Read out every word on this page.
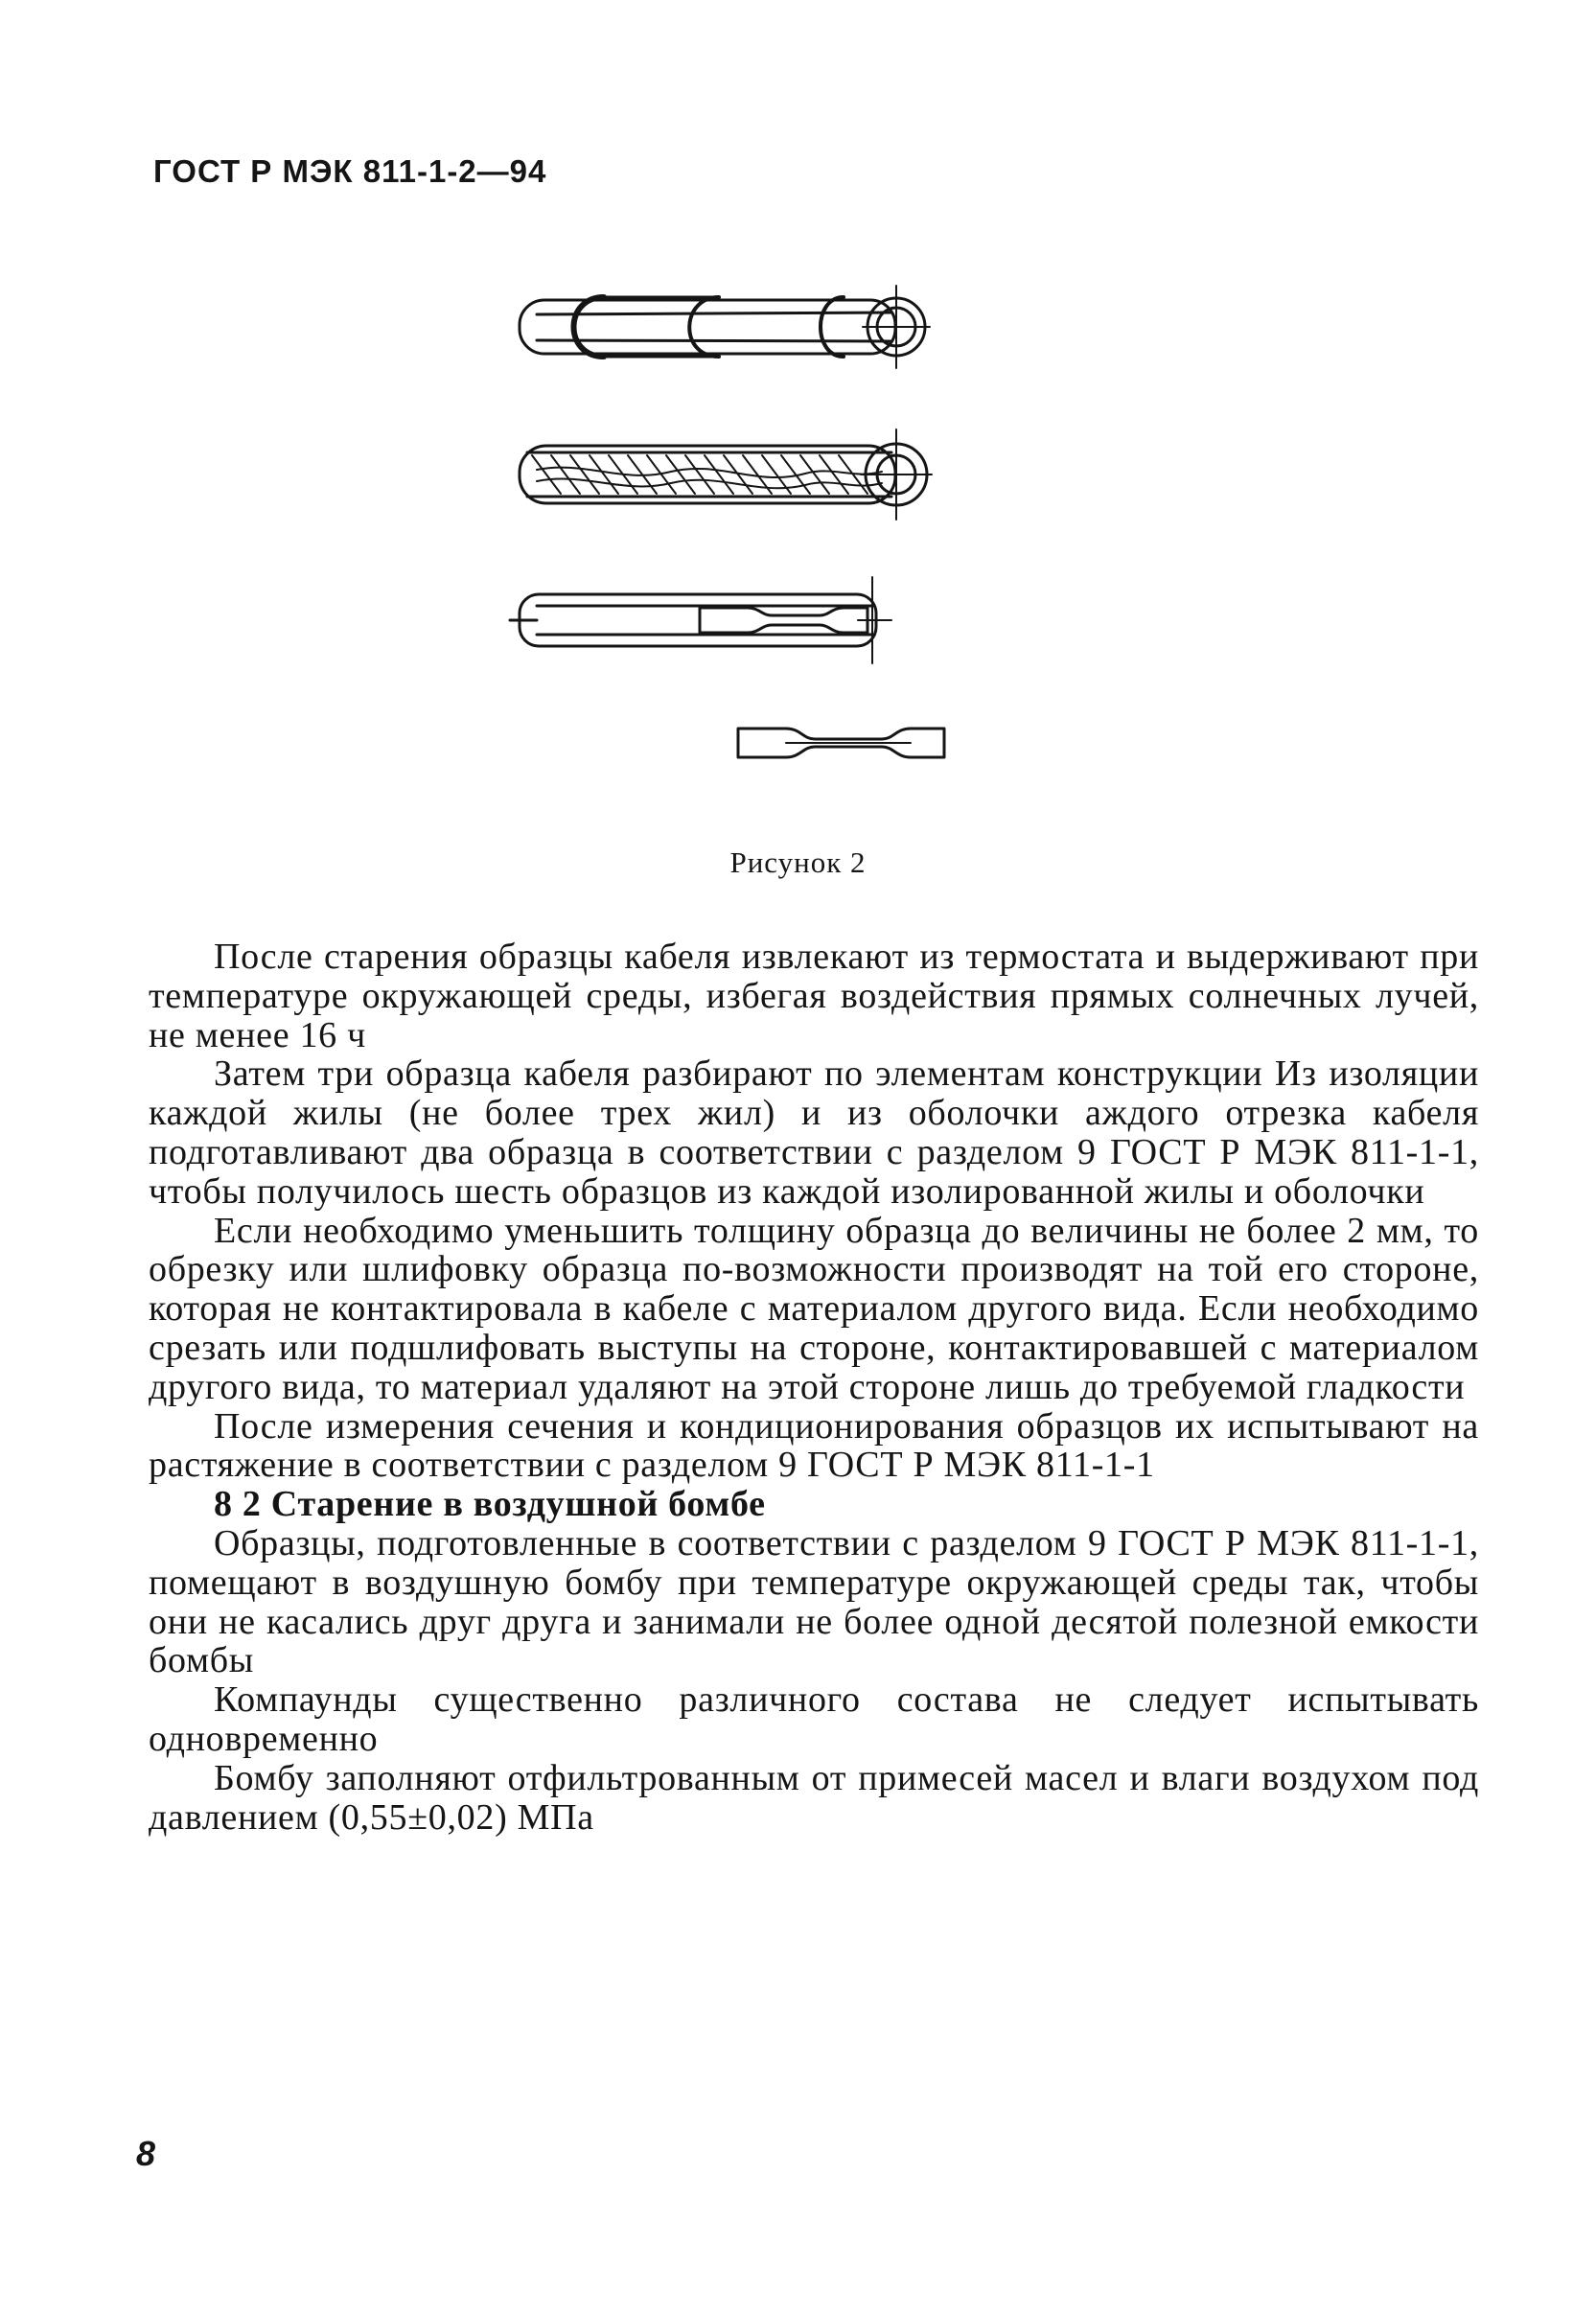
ГОСТ Р МЭК 811-1-2—94
Рисунок 2

После старения образцы кабеля извлекают из термостата и выдерживают при температуре окружающей среды, избегая воздействия прямых солнечных лучей, не менее 16 ч

Затем три образца кабеля разбирают по элементам конструкции Из изоляции каждой жилы (не более трех жил) и из оболочки аждого отрезка кабеля подготавливают два образца в соответствии с разделом 9 ГОСТ Р МЭК 811-1-1, чтобы получилось шесть образцов из каждой изолированной жилы и оболочки

Если необходимо уменьшить толщину образца до величины не более 2 мм, то обрезку или шлифовку образца по-возможности производят на той его стороне, которая не контактировала в кабеле с материалом другого вида. Если необходимо срезать или подшлифовать выступы на стороне, контактировавшей с материалом другого вида, то материал удаляют на этой стороне лишь до требуемой гладкости

После измерения сечения и кондиционирования образцов их испытывают на растяжение в соответствии с разделом 9 ГОСТ Р МЭК 811-1-1

8 2 Старение в воздушной бомбе

Образцы, подготовленные в соответствии с разделом 9 ГОСТ Р МЭК 811-1-1, помещают в воздушную бомбу при температуре окружающей среды так, чтобы они не касались друг друга и занимали не более одной десятой полезной емкости бомбы

Компаунды существенно различного состава не следует испытывать одновременно

Бомбу заполняют отфильтрованным от примесей масел и влаги воздухом под давлением (0,55±0,02) МПа

8
